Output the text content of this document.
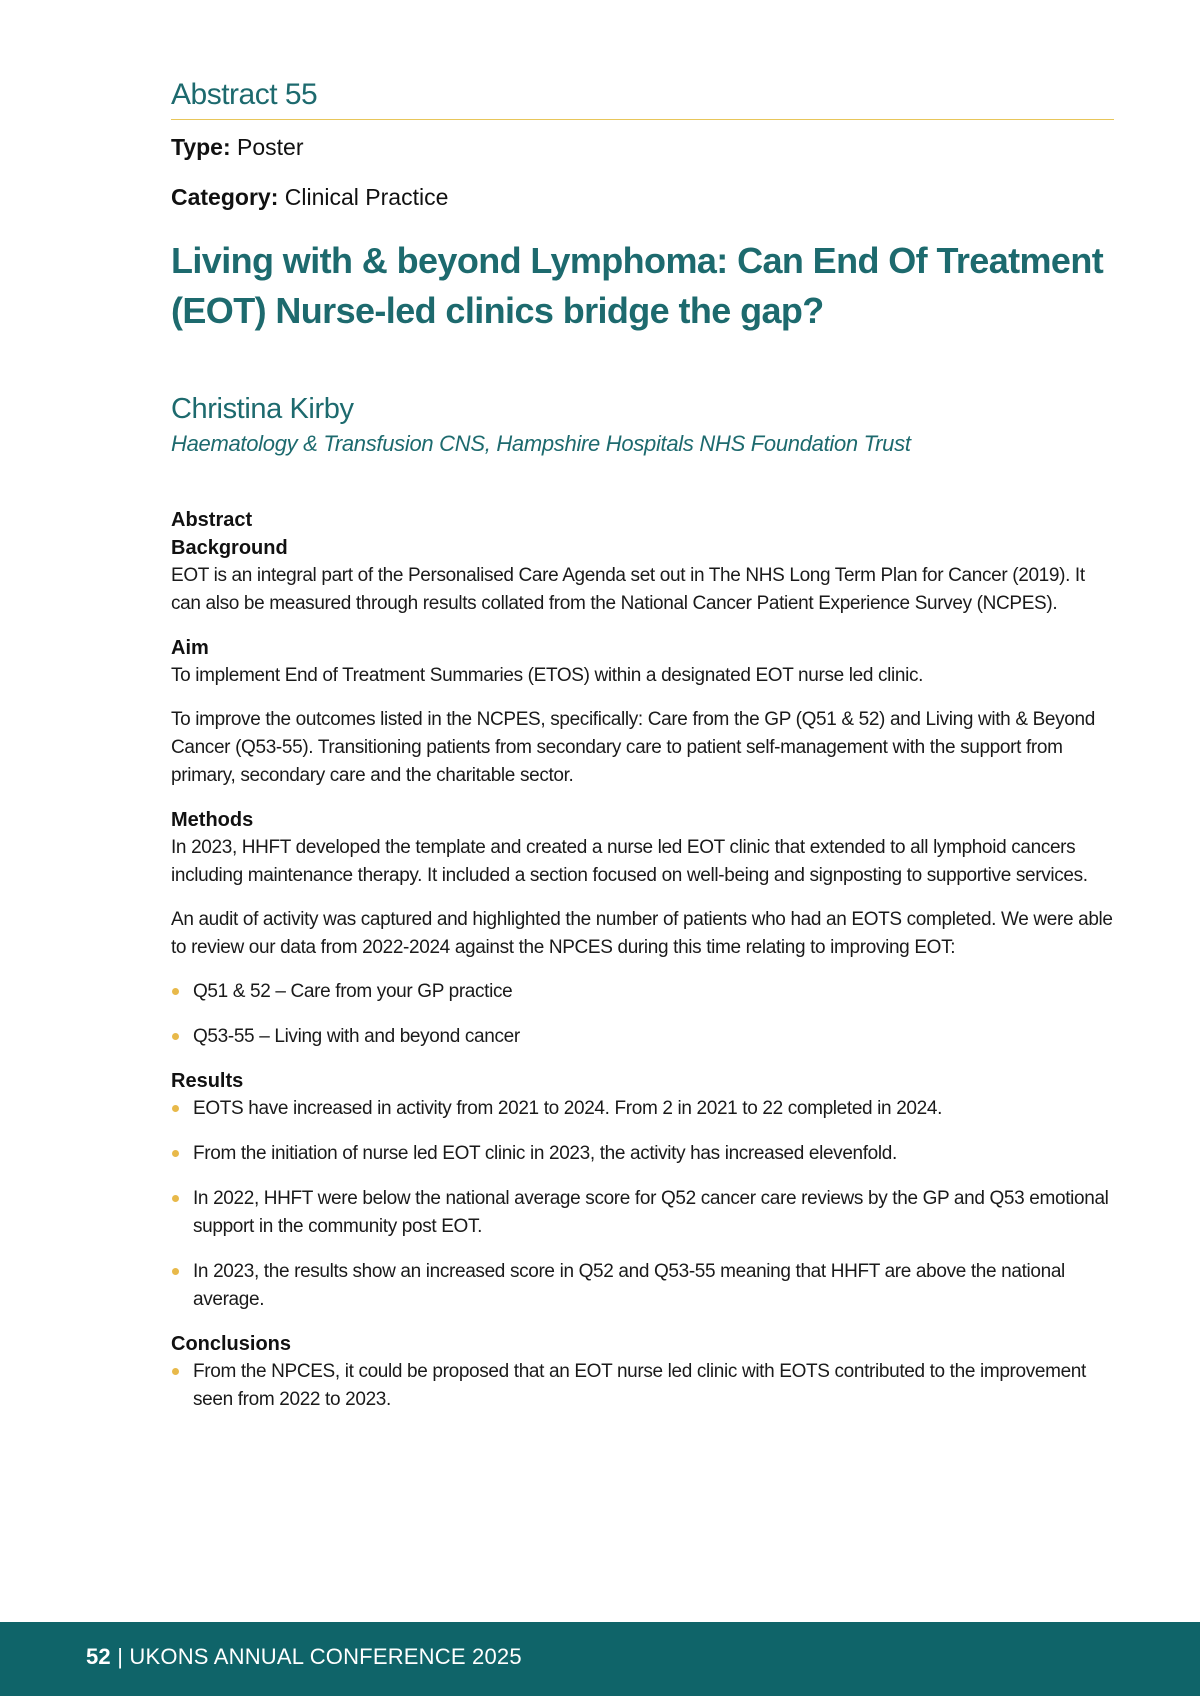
Abstract 55
Type: Poster
Category: Clinical Practice
Living with & beyond Lymphoma: Can End Of Treatment
(EOT) Nurse-led clinics bridge the gap?
Christina Kirby
Haematology & Transfusion CNS, Hampshire Hospitals NHS Foundation Trust
Abstract
Background

EOT is an integral part of the Personalised Care Agenda set out in The NHS Long Term Plan for Cancer (2019). It can also be measured through results collated from the National Cancer Patient Experience Survey (NCPES).

Aim

To implement End of Treatment Summaries (ETOS) within a designated EOT nurse led clinic.

To improve the outcomes listed in the NCPES, specifically: Care from the GP (Q51 & 52) and Living with & Beyond Cancer (Q53-55). Transitioning patients from secondary care to patient self-management with the support from primary, secondary care and the charitable sector.

Methods

In 2023, HHFT developed the template and created a nurse led EOT clinic that extended to all lymphoid cancers including maintenance therapy. It included a section focused on well-being and signposting to supportive services.

An audit of activity was captured and highlighted the number of patients who had an EOTS completed. We were able to review our data from 2022-2024 against the NPCES during this time relating to improving EOT:

Q51 & 52 – Care from your GP practice
Q53-55 – Living with and beyond cancer
Results
EOTS have increased in activity from 2021 to 2024. From 2 in 2021 to 22 completed in 2024.
From the initiation of nurse led EOT clinic in 2023, the activity has increased elevenfold.
In 2022, HHFT were below the national average score for Q52 cancer care reviews by the GP and Q53 emotional support in the community post EOT.
In 2023, the results show an increased score in Q52 and Q53-55 meaning that HHFT are above the national average.
Conclusions
From the NPCES, it could be proposed that an EOT nurse led clinic with EOTS contributed to the improvement seen from 2022 to 2023.
52 | UKONS ANNUAL CONFERENCE 2025
